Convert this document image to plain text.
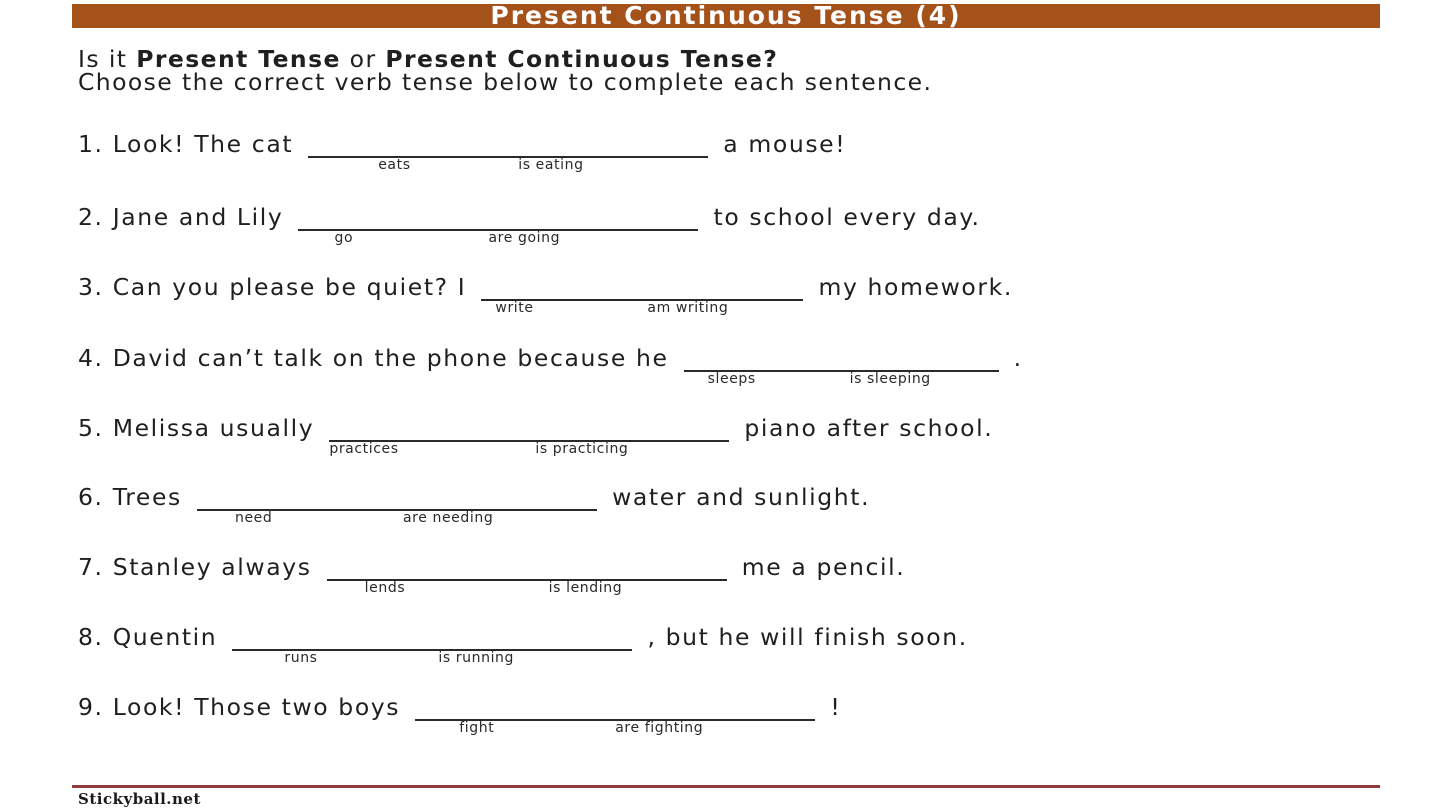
Present Continuous Tense (4)
Is it Present Tense or Present Continuous Tense?
Choose the correct verb tense below to complete each sentence.
1. Look! The cat
eats	is eating
a mouse!
2. Jane and Lily
go	are going
to school every day.
3. Can you please be quiet? I
write	am writing
my homework.
4. David can’t talk on the phone because he
sleeps	is sleeping
.
5. Melissa usually
practices	is practicing
piano after school.
6. Trees
need	are needing
water and sunlight.
7. Stanley always
lends	is lending
me a pencil.
8. Quentin
runs	is running
, but he will finish soon.
9. Look! Those two boys
fight	are fighting
!
Stickyball.net
